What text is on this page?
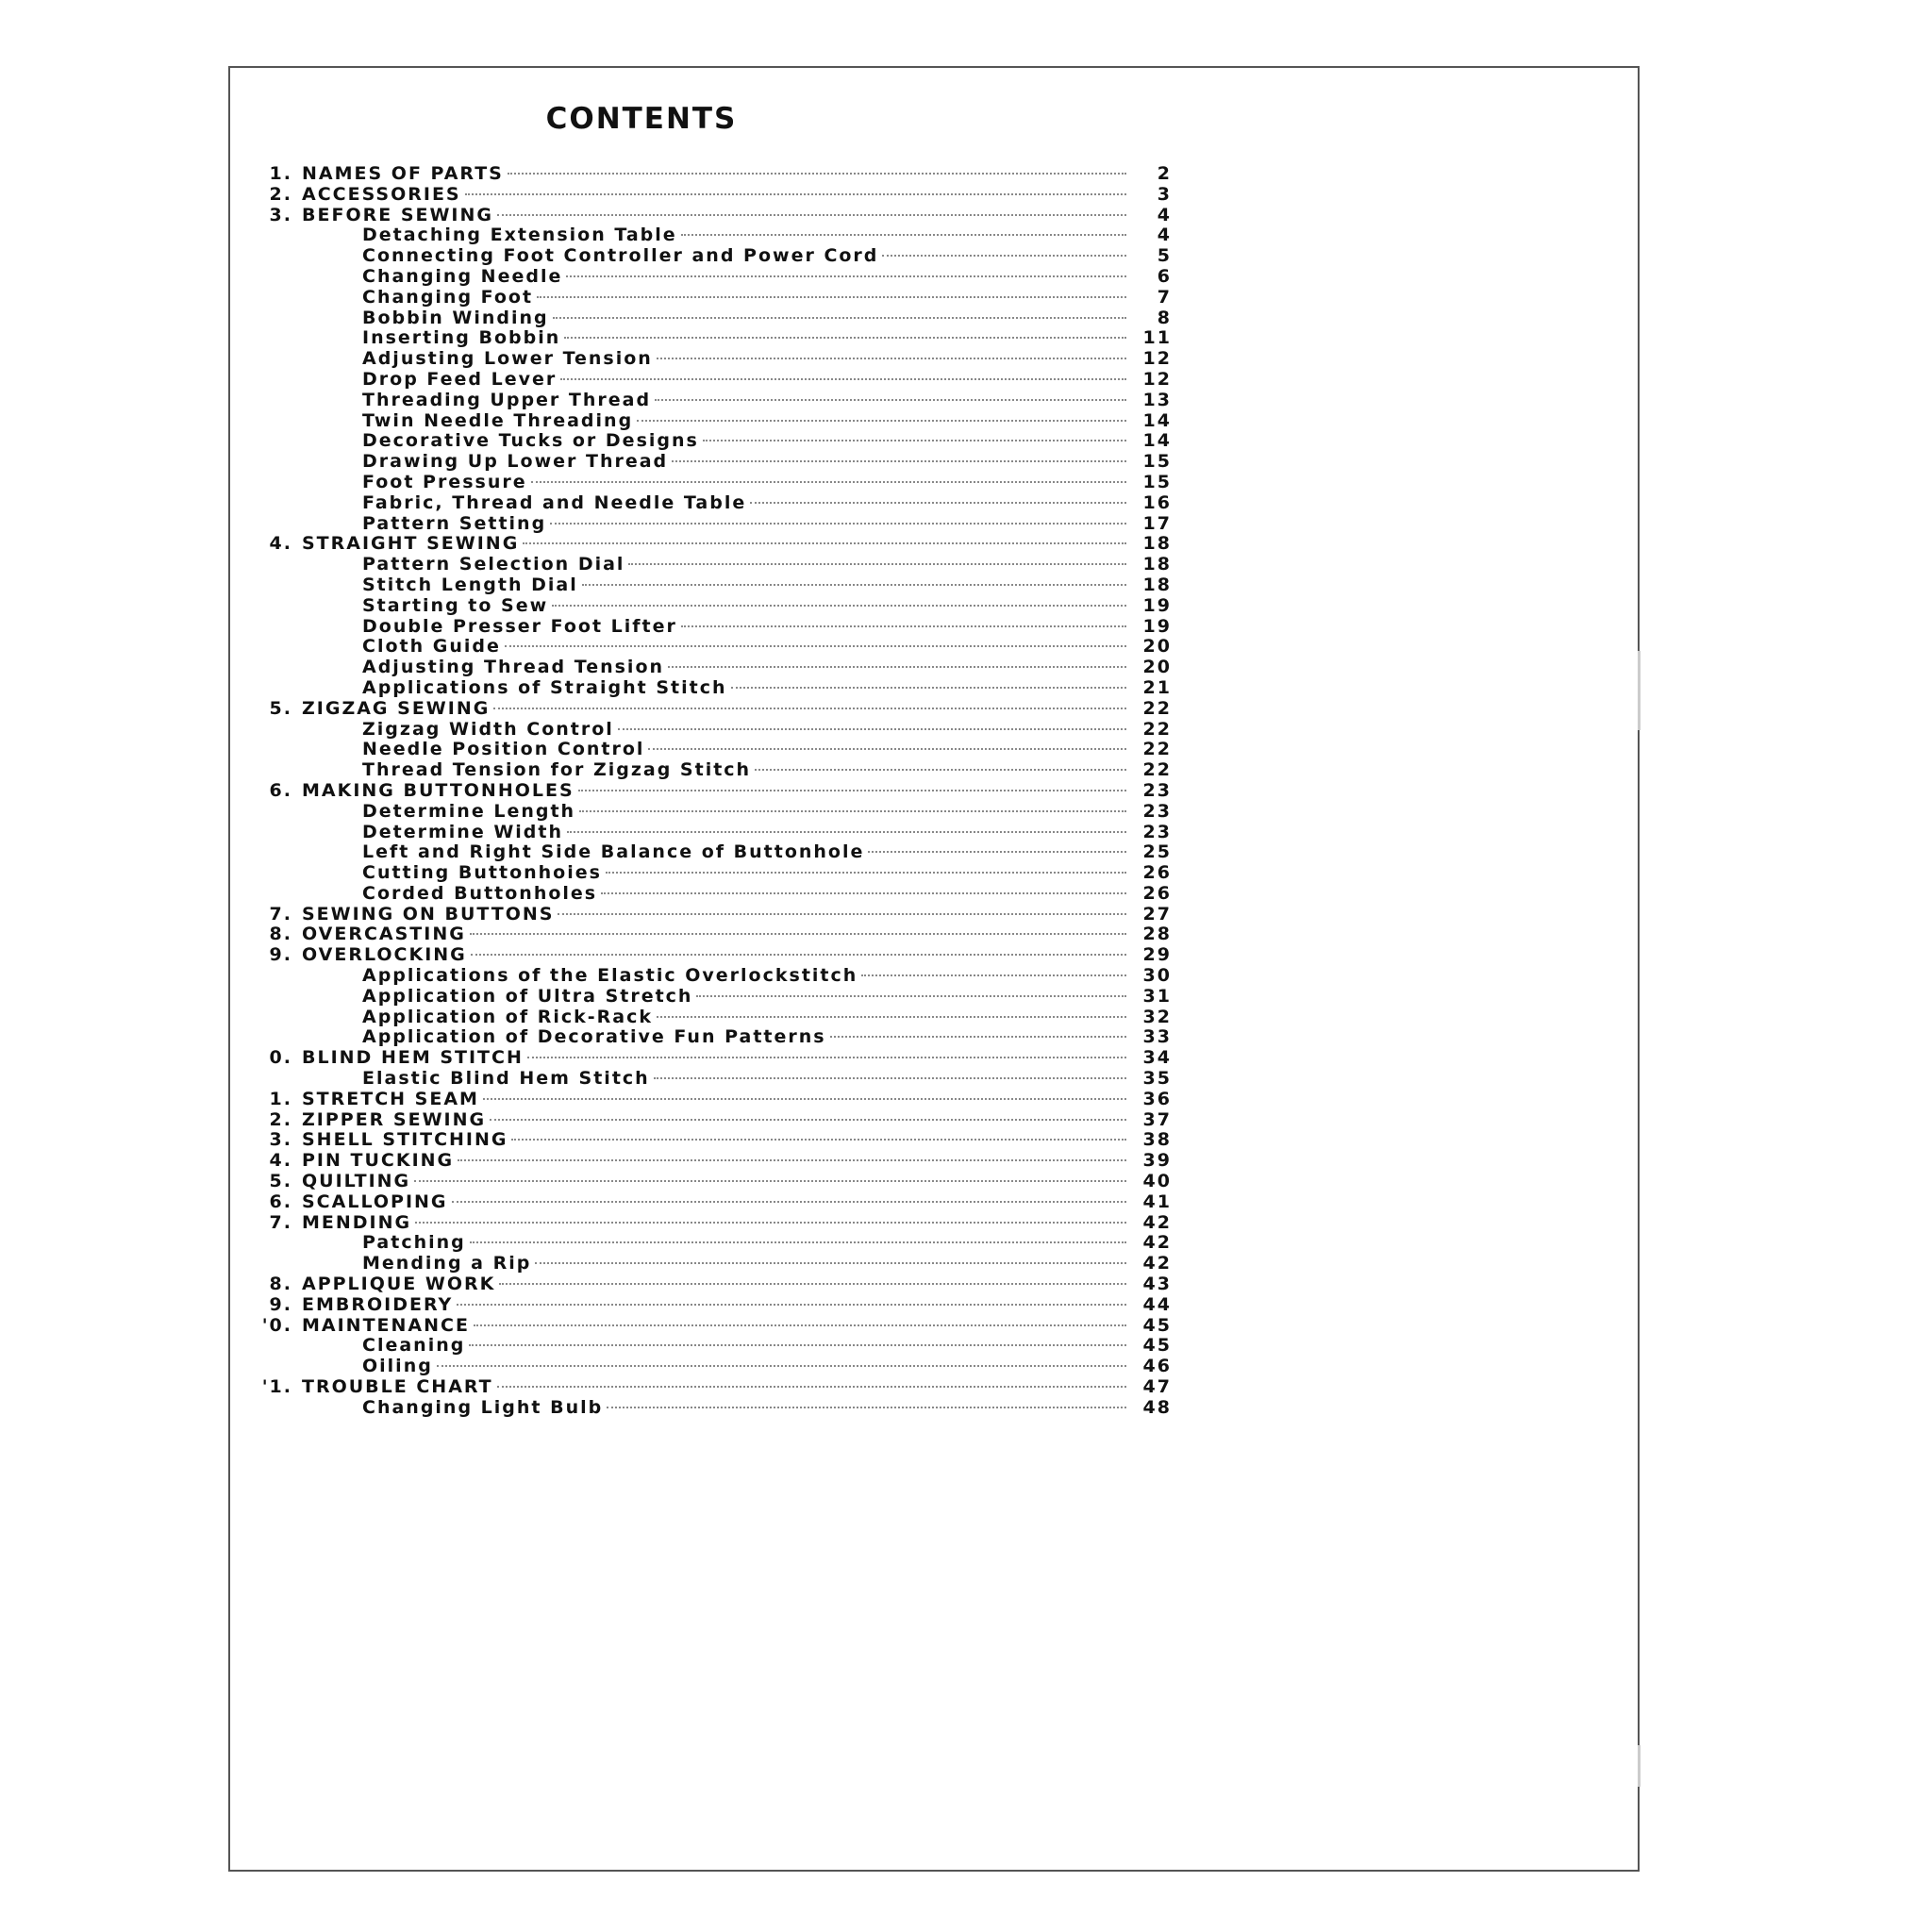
CONTENTS
1. NAMES OF PARTS	2
2. ACCESSORIES	3
3. BEFORE SEWING	4
Detaching Extension Table	4
Connecting Foot Controller and Power Cord	5
Changing Needle	6
Changing Foot	7
Bobbin Winding	8
Inserting Bobbin	11
Adjusting Lower Tension	12
Drop Feed Lever	12
Threading Upper Thread	13
Twin Needle Threading	14
Decorative Tucks or Designs	14
Drawing Up Lower Thread	15
Foot Pressure	15
Fabric, Thread and Needle Table	16
Pattern Setting	17
4. STRAIGHT SEWING	18
Pattern Selection Dial	18
Stitch Length Dial	18
Starting to Sew	19
Double Presser Foot Lifter	19
Cloth Guide	20
Adjusting Thread Tension	20
Applications of Straight Stitch	21
5. ZIGZAG SEWING	22
Zigzag Width Control	22
Needle Position Control	22
Thread Tension for Zigzag Stitch	22
6. MAKING BUTTONHOLES	23
Determine Length	23
Determine Width	23
Left and Right Side Balance of Buttonhole	25
Cutting Buttonhoies	26
Corded Buttonholes	26
7. SEWING ON BUTTONS	27
8. OVERCASTING	28
9. OVERLOCKING	29
Applications of the Elastic Overlockstitch	30
Application of Ultra Stretch	31
Application of Rick-Rack	32
Application of Decorative Fun Patterns	33
0. BLIND HEM STITCH	34
Elastic Blind Hem Stitch	35
1. STRETCH SEAM	36
2. ZIPPER SEWING	37
3. SHELL STITCHING	38
4. PIN TUCKING	39
5. QUILTING	40
6. SCALLOPING	41
7. MENDING	42
Patching	42
Mending a Rip	42
8. APPLIQUE WORK	43
9. EMBROIDERY	44
'0. MAINTENANCE	45
Cleaning	45
Oiling	46
'1. TROUBLE CHART	47
Changing Light Bulb	48
